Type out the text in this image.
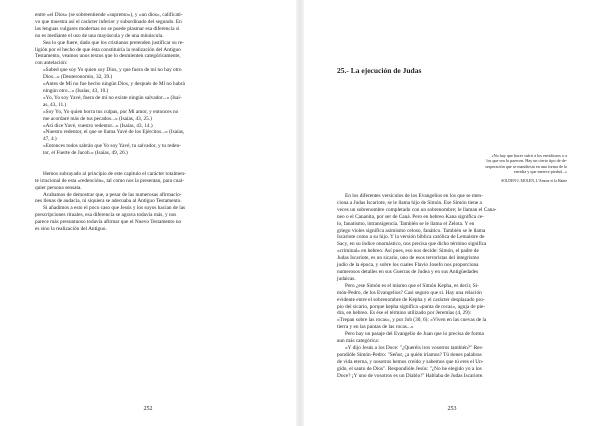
entre «el Dios» (se sobreentiende «supremo»), y «un dios», calificati-
vo que muestra así el carácter inferior y subordinado del segundo. En
las lenguas vulgares modernas no se puede plasmar esa diferencia si
no es mediante el uso de una mayúscula y de una minúscula.
Sea lo que fuere, dado que los cristianos pretenden justificar su re-
ligión por el hecho de que ésta constituiría la realización del Antiguo
Testamento, veamos unos textos que lo desmienten categóricamente,
con antelación:
«Sabed que soy Yo quien soy Dios, y que fuera de mí no hay otro
Dios...» (Deuteronomio, 32, 39.)
«Antes de Mí no fue hecho ningún Dios, y después de Mí no habrá
ningún otro...» (Isaías, 43, 10.)
«Yo, Yo soy Yavé, fuera de mí no existe ningún salvador...» (Isaí-
as, 43, 11.)
«Soy Yo, Yo quien borra tus culpas, por Mí amor, y entonces no
me acordaré más de tus pecados...» (Isaías, 43, 25.)
«Así dice Yavé, vuestro redentor...» (Isaías, 43, 14.)
«Nuestro redentor, el que se llama Yavé de los Ejércitos...» (Isaías,
47, 4.)
«Entonces todos sabrán que Yo soy Yavé, tu salvador, y tu reden-
tor, el Fuerte de Jacob.» (Isaías, 49, 26.)
Hemos subrayado al principio de este capítulo el carácter totalmen-
te irracional de esta «redención», tal como nos la presentan, para cual-
quier persona sensata.
Acabamos de demostrar que, a pesar de las numerosas afirmacio-
nes llenas de audacia, ni siquiera se adecuaba al Antiguo Testamento.
Si añadimos a esto el poco caso que Jesús y los suyos hacían de las
prescripciones rituales, esa diferencia se agrava todavía más, y nos
parece más presuntuoso todavía afirmar que el Nuevo Testamento no
es sino la realización del Antiguo.
252
25.- La ejecución de Judas
«No hay que hacer sufrir a los envidiosos o a
los que sea lo parecen. Hay un cierto tipo de de-
sesperación que se manifiesta en una forma de la
envidia y que merece piedad...»
SOLDEN-L MOLEN, L'Amour et la Haine
En los diferentes versículos de los Evangelios en los que se men-
ciona a Judas Iscariote, se le llama hijo de Simón. Ese Simón tiene a
veces un sobrenombre completado con un sobrenombre; le llaman el Cana-
neo o el Cananita, por ser de Caná. Pero en hebreo Kana significa ce-
lo, fanatismo, intransigencia. También se le llama el Zelota. Y en
griego violes significa asimismo celoso, fanático. También se le llama
Iscariote como a su hijo. Y la versión bíblica católica de Lemaistre de
Sacy, en su índice onomástico, nos precisa que dicho término significa
«criminal» en hebreo. Así pues, eso nos decide: Simón, el padre de
Judas Iscariote, es un sicario, uno de esos terroristas del integrismo
judío de la época, y sobre los cuales Flavio Josefo nos proporciona
numerosos detalles en sus Guerras de Judea y en sus Antigüedades
judaicas.
Pero ¿ese Simón es el mismo que el Simón Kepha, es decir, Si-
món-Pedro, de los Evangelios? Casi seguro que sí. Hay una relación
evidente entre el sobrenombre de Kepha y el carácter desplazado pro-
pio del sicario, porque kepha significa «punta de rocas», aguja de pie-
dra, en hebreo. Es ése el término utilizado por Jeremías (4, 29):
«Trepan sobre las rocas», y por Job (30, 6): «Viven en las cuevas de la
tierra y en las puntas de las rocas...»
Pero hay un pasaje del Evangelio de Juan que lo precisa de forma
aun más categórica:
«Y dijo Jesús a los Doce: "¿Queréis iros vosotros también?" Res-
pondióle Simón-Pedro: "Señor, ¿a quién iríamos? Tú tienes palabras
de vida eterna, y nosotros hemos creído y sabemos que tú eres el Un-
gido, el santo de Dios". Respondióle Jesús: "¿No he elegido yo a los
Doce? ¡Y uno de vosotros es un Diablo!" Hablaba de Judas Iscariote.
253
